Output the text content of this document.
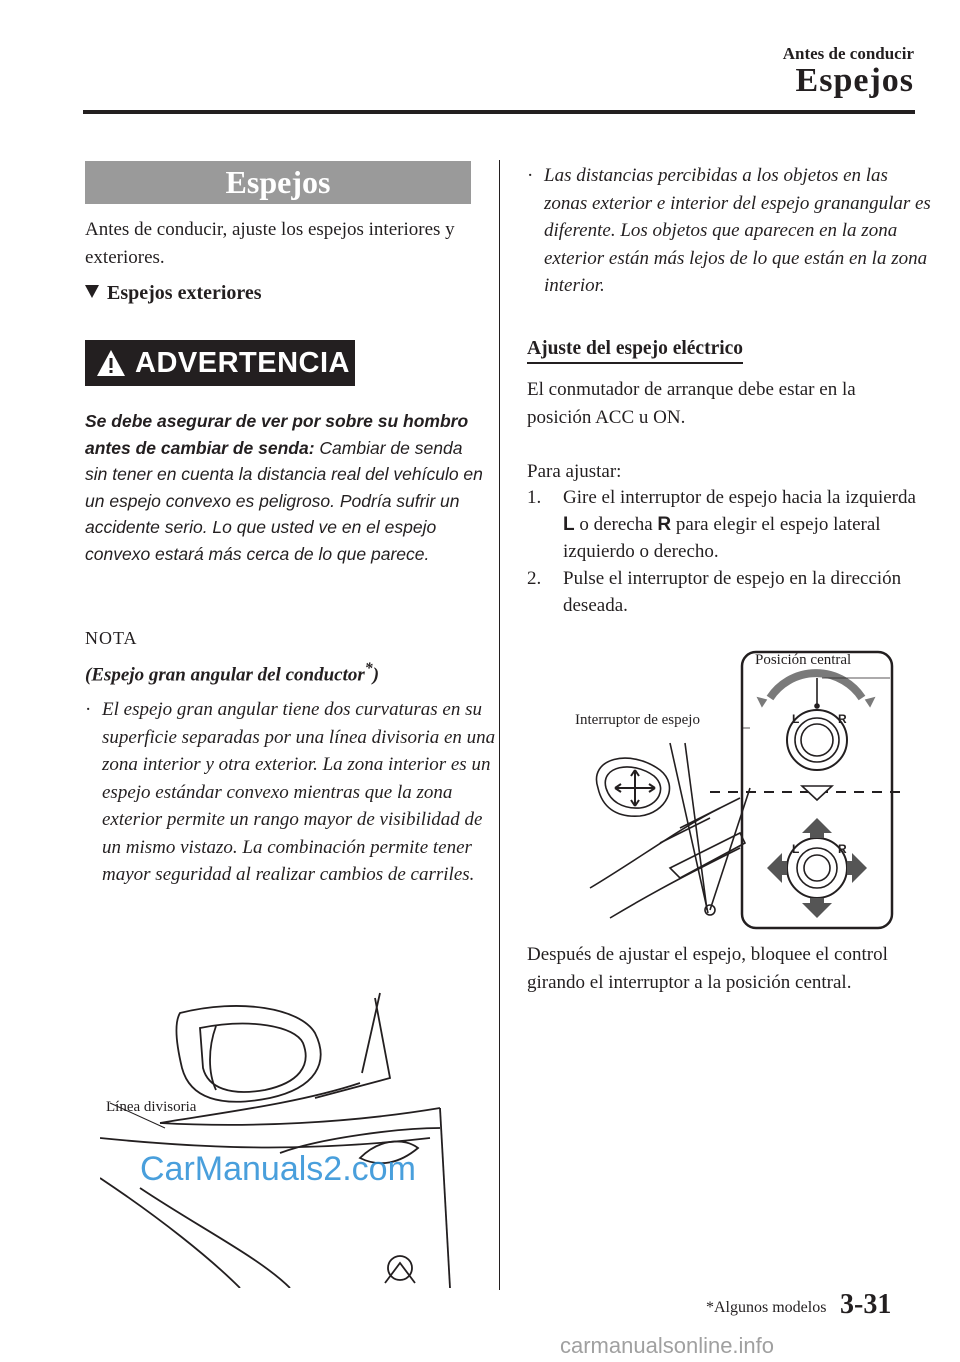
Antes de conducir
Espejos
Espejos
Antes de conducir, ajuste los espejos interiores y exteriores.
Espejos exteriores
ADVERTENCIA
Se debe asegurar de ver por sobre su hombro antes de cambiar de senda: Cambiar de senda sin tener en cuenta la distancia real del vehículo en un espejo convexo es peligroso. Podría sufrir un accidente serio. Lo que usted ve en el espejo convexo estará más cerca de lo que parece.
NOTA
(Espejo gran angular del conductor*)
· El espejo gran angular tiene dos curvaturas en su superficie separadas por una línea divisoria en una zona interior y otra exterior. La zona interior es un espejo estándar convexo mientras que la zona exterior permite un rango mayor de visibilidad de un mismo vistazo. La combinación permite tener mayor seguridad al realizar cambios de carriles.
· Las distancias percibidas a los objetos en las zonas exterior e interior del espejo granangular es diferente. Los objetos que aparecen en la zona exterior están más lejos de lo que están en la zona interior.
Ajuste del espejo eléctrico
El conmutador de arranque debe estar en la posición ACC u ON.
Para ajustar:
1. Gire el interruptor de espejo hacia la izquierda L o derecha R para elegir el espejo lateral izquierdo o derecho.
2. Pulse el interruptor de espejo en la dirección deseada.
L	R
L	R
Posición central
Interruptor de espejo
Después de ajustar el espejo, bloquee el control girando el interruptor a la posición central.
Línea divisoria
CarManuals2.com
*Algunos modelos 3-31
carmanualsonline.info
